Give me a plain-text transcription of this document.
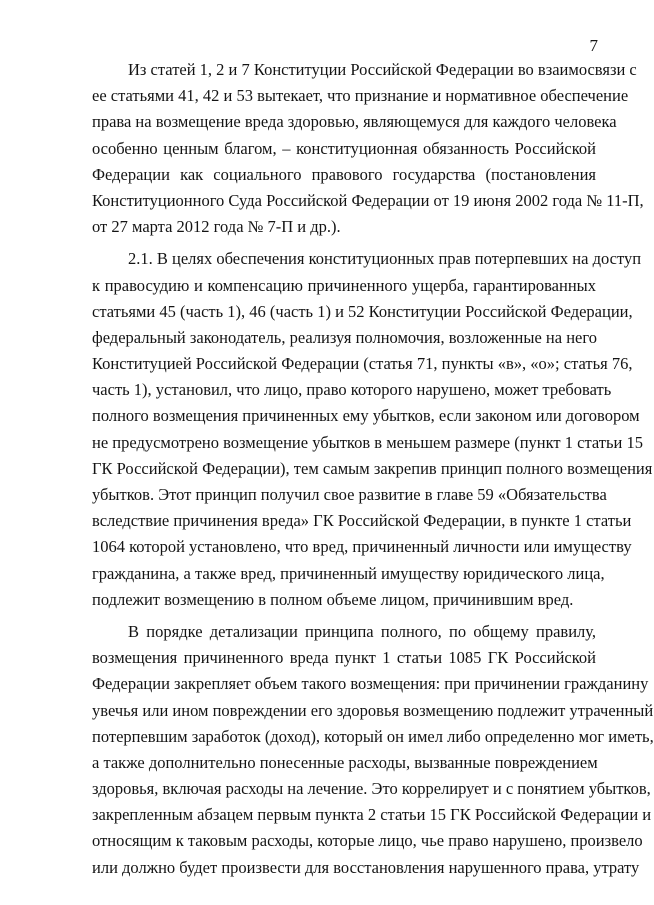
7
Из статей 1, 2 и 7 Конституции Российской Федерации во взаимосвязи с
ее статьями 41, 42 и 53 вытекает, что признание и нормативное обеспечение
права на возмещение вреда здоровью, являющемуся для каждого человека
особенно ценным благом, – конституционная обязанность Российской
Федерации как социального правового государства (постановления
Конституционного Суда Российской Федерации от 19 июня 2002 года № 11-П,
от 27 марта 2012 года № 7-П и др.).
2.1. В целях обеспечения конституционных прав потерпевших на доступ
к правосудию и компенсацию причиненного ущерба, гарантированных
статьями 45 (часть 1), 46 (часть 1) и 52 Конституции Российской Федерации,
федеральный законодатель, реализуя полномочия, возложенные на него
Конституцией Российской Федерации (статья 71, пункты «в», «о»; статья 76,
часть 1), установил, что лицо, право которого нарушено, может требовать
полного возмещения причиненных ему убытков, если законом или договором
не предусмотрено возмещение убытков в меньшем размере (пункт 1 статьи 15
ГК Российской Федерации), тем самым закрепив принцип полного возмещения
убытков. Этот принцип получил свое развитие в главе 59 «Обязательства
вследствие причинения вреда» ГК Российской Федерации, в пункте 1 статьи
1064 которой установлено, что вред, причиненный личности или имуществу
гражданина, а также вред, причиненный имуществу юридического лица,
подлежит возмещению в полном объеме лицом, причинившим вред.
В порядке детализации принципа полного, по общему правилу,
возмещения причиненного вреда пункт 1 статьи 1085 ГК Российской
Федерации закрепляет объем такого возмещения: при причинении гражданину
увечья или ином повреждении его здоровья возмещению подлежит утраченный
потерпевшим заработок (доход), который он имел либо определенно мог иметь,
а также дополнительно понесенные расходы, вызванные повреждением
здоровья, включая расходы на лечение. Это коррелирует и с понятием убытков,
закрепленным абзацем первым пункта 2 статьи 15 ГК Российской Федерации и
относящим к таковым расходы, которые лицо, чье право нарушено, произвело
или должно будет произвести для восстановления нарушенного права, утрату
